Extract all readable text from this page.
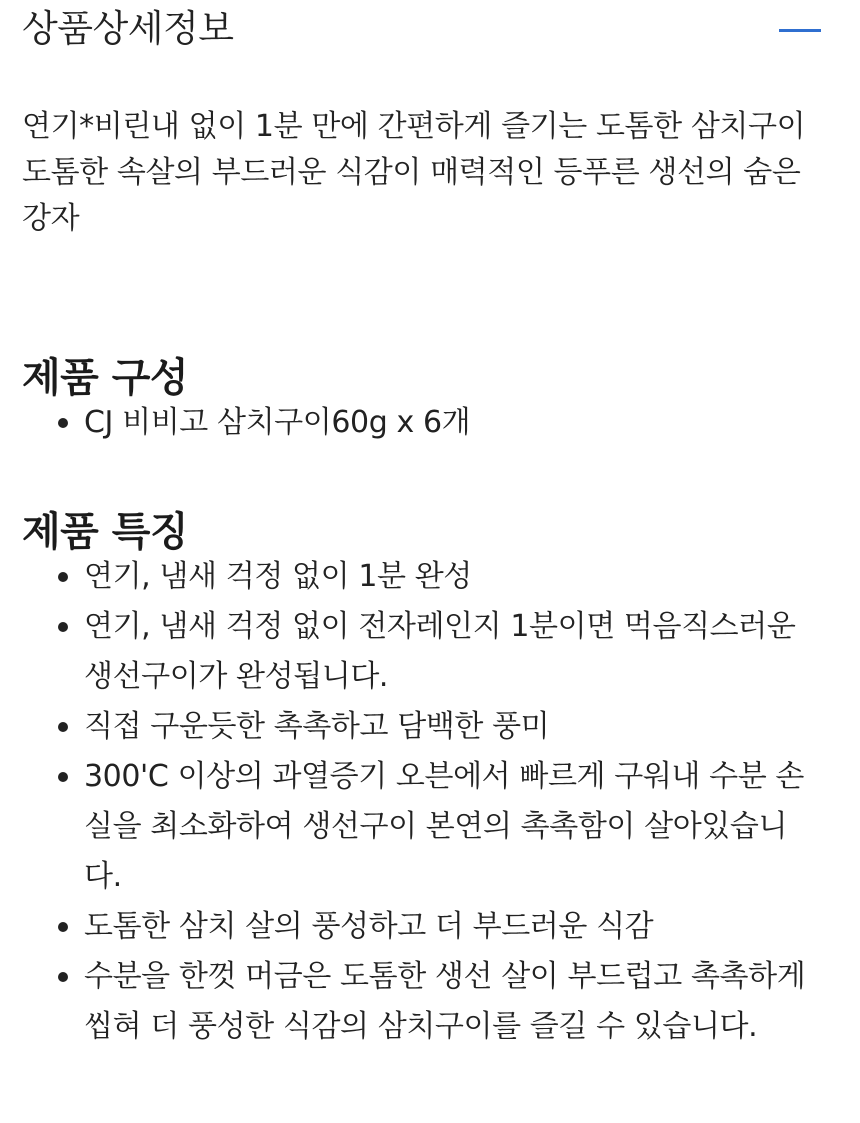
상품상세정보
연기*비린내 없이 1분 만에 간편하게 즐기는 도톰한 삼치구이
도톰한 속살의 부드러운 식감이 매력적인 등푸른 생선의 숨은
강자
제품 구성
CJ 비비고 삼치구이60g x 6개
제품 특징
연기, 냄새 걱정 없이 1분 완성
연기, 냄새 걱정 없이 전자레인지 1분이면 먹음직스러운
생선구이가 완성됩니다.
직접 구운듯한 촉촉하고 담백한 풍미
300'C 이상의 과열증기 오븐에서 빠르게 구워내 수분 손
실을 최소화하여 생선구이 본연의 촉촉함이 살아있습니
다.
도톰한 삼치 살의 풍성하고 더 부드러운 식감
수분을 한껏 머금은 도톰한 생선 살이 부드럽고 촉촉하게
씹혀 더 풍성한 식감의 삼치구이를 즐길 수 있습니다.
